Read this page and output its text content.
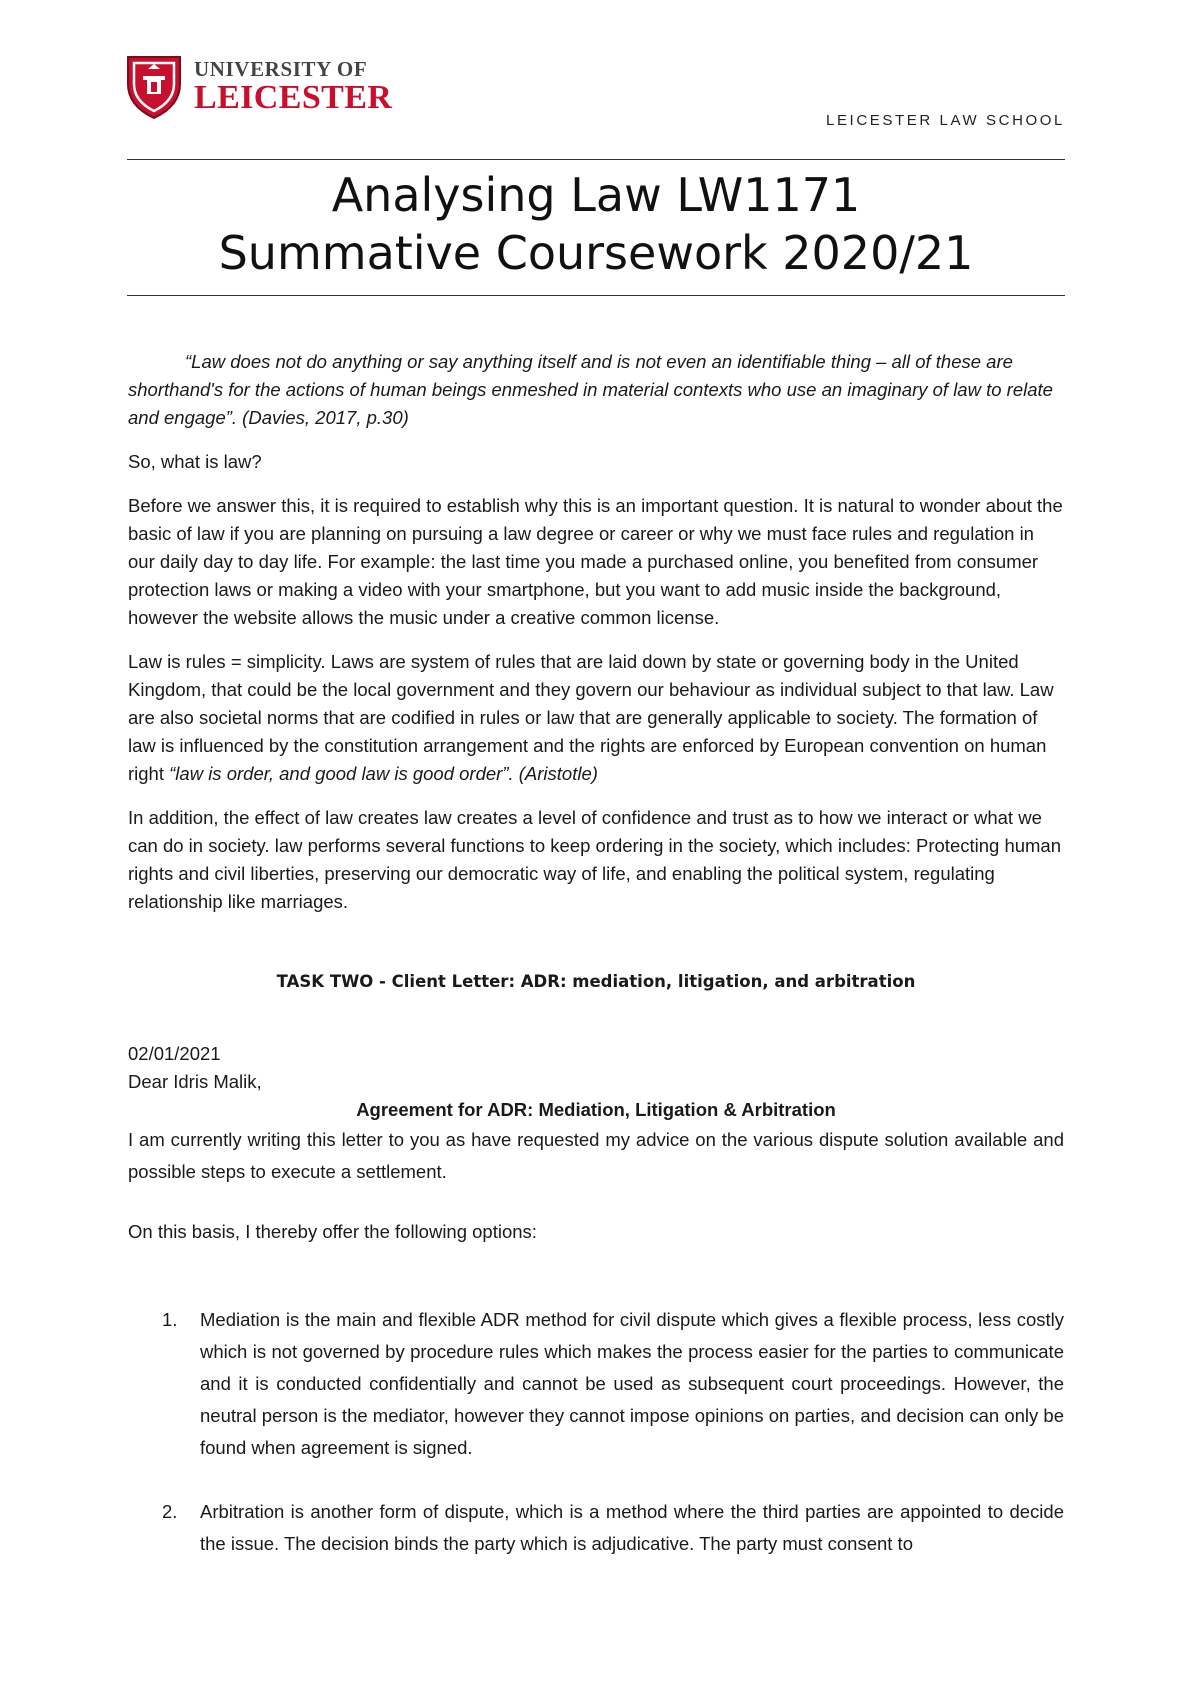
UNIVERSITY OF
LEICESTER
LEICESTER LAW SCHOOL
Analysing Law LW1171
Summative Coursework 2020/21

“Law does not do anything or say anything itself and is not even an identifiable thing – all of these are shorthand's for the actions of human beings enmeshed in material contexts who use an imaginary of law to relate and engage”. (Davies, 2017, p.30)

So, what is law?

Before we answer this, it is required to establish why this is an important question. It is natural to wonder about the basic of law if you are planning on pursuing a law degree or career or why we must face rules and regulation in our daily day to day life. For example: the last time you made a purchased online, you benefited from consumer protection laws or making a video with your smartphone, but you want to add music inside the background, however the website allows the music under a creative common license.

Law is rules = simplicity. Laws are system of rules that are laid down by state or governing body in the United Kingdom, that could be the local government and they govern our behaviour as individual subject to that law. Law are also societal norms that are codified in rules or law that are generally applicable to society. The formation of law is influenced by the constitution arrangement and the rights are enforced by European convention on human right “law is order, and good law is good order”. (Aristotle)

In addition, the effect of law creates law creates a level of confidence and trust as to how we interact or what we can do in society. law performs several functions to keep ordering in the society, which includes: Protecting human rights and civil liberties, preserving our democratic way of life, and enabling the political system, regulating relationship like marriages.

TASK TWO - Client Letter: ADR: mediation, litigation, and arbitration

02/01/2021

Dear Idris Malik,

Agreement for ADR: Mediation, Litigation & Arbitration

I am currently writing this letter to you as have requested my advice on the various dispute solution available and possible steps to execute a settlement.

On this basis, I thereby offer the following options:

1. Mediation is the main and flexible ADR method for civil dispute which gives a flexible process, less costly which is not governed by procedure rules which makes the process easier for the parties to communicate and it is conducted confidentially and cannot be used as subsequent court proceedings. However, the neutral person is the mediator, however they cannot impose opinions on parties, and decision can only be found when agreement is signed.
2. Arbitration is another form of dispute, which is a method where the third parties are appointed to decide the issue. The decision binds the party which is adjudicative. The party must consent to
